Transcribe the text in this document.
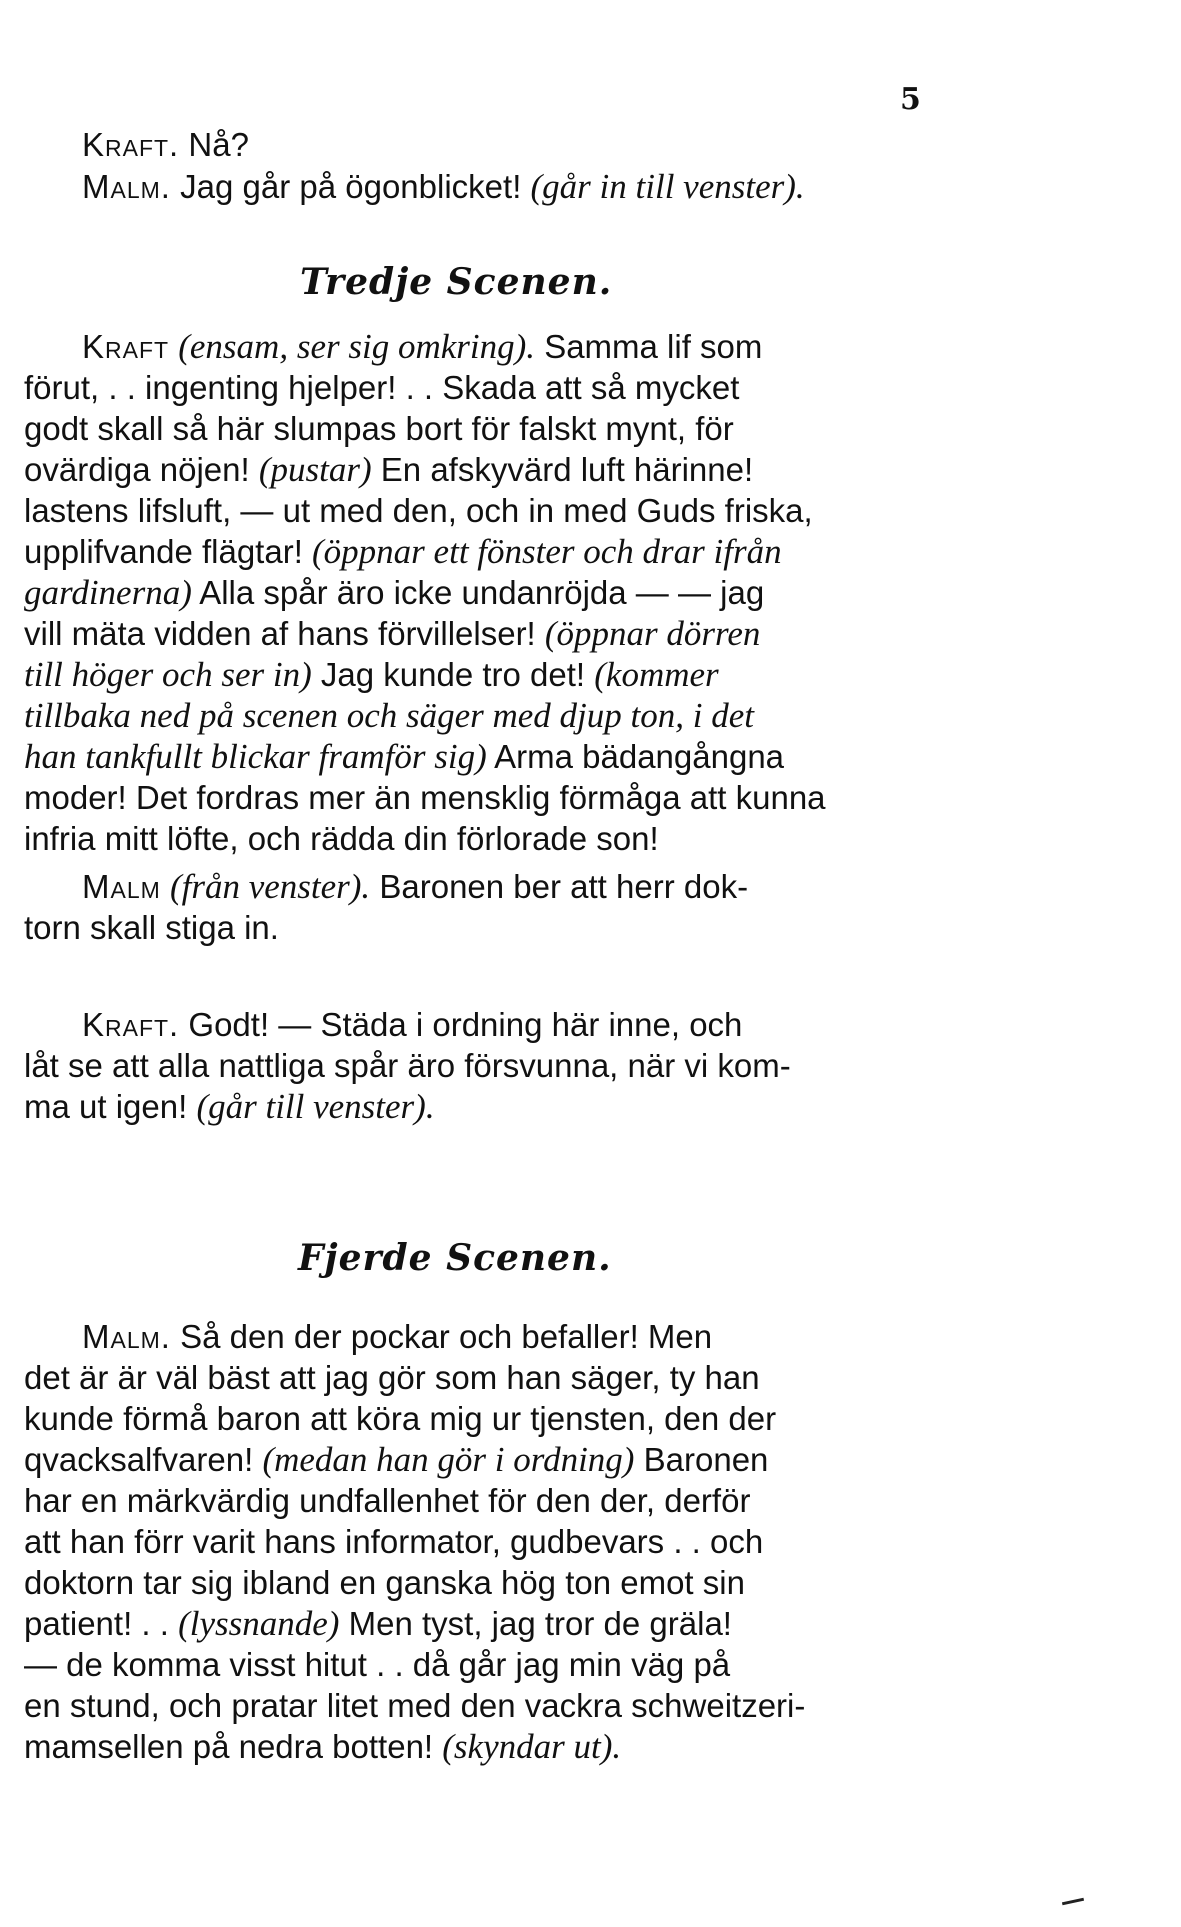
5
Kraft. Nå?
Malm. Jag går på ögonblicket! (går in till venster).
Tredje Scenen.
Kraft (ensam, ser sig omkring). Samma lif som
förut, . . ingenting hjelper! . . Skada att så mycket
godt skall så här slumpas bort för falskt mynt, för
ovärdiga nöjen! (pustar) En afskyvärd luft härinne!
lastens lifsluft, — ut med den, och in med Guds friska,
upplifvande flägtar! (öppnar ett fönster och drar ifrån
gardinerna) Alla spår äro icke undanröjda — — jag
vill mäta vidden af hans förvillelser! (öppnar dörren
till höger och ser in) Jag kunde tro det! (kommer
tillbaka ned på scenen och säger med djup ton, i det
han tankfullt blickar framför sig) Arma bädangångna
moder! Det fordras mer än mensklig förmåga att kunna
infria mitt löfte, och rädda din förlorade son!
Malm (från venster). Baronen ber att herr dok-
torn skall stiga in.
Kraft. Godt! — Städa i ordning här inne, och
låt se att alla nattliga spår äro försvunna, när vi kom-
ma ut igen! (går till venster).
Fjerde Scenen.
Malm. Så den der pockar och befaller! Men
det är är väl bäst att jag gör som han säger, ty han
kunde förmå baron att köra mig ur tjensten, den der
qvacksalfvaren! (medan han gör i ordning) Baronen
har en märkvärdig undfallenhet för den der, derför
att han förr varit hans informator, gudbevars . . och
doktorn tar sig ibland en ganska hög ton emot sin
patient! . . (lyssnande) Men tyst, jag tror de gräla!
— de komma visst hitut . . då går jag min väg på
en stund, och pratar litet med den vackra schweitzeri-
mamsellen på nedra botten! (skyndar ut).
